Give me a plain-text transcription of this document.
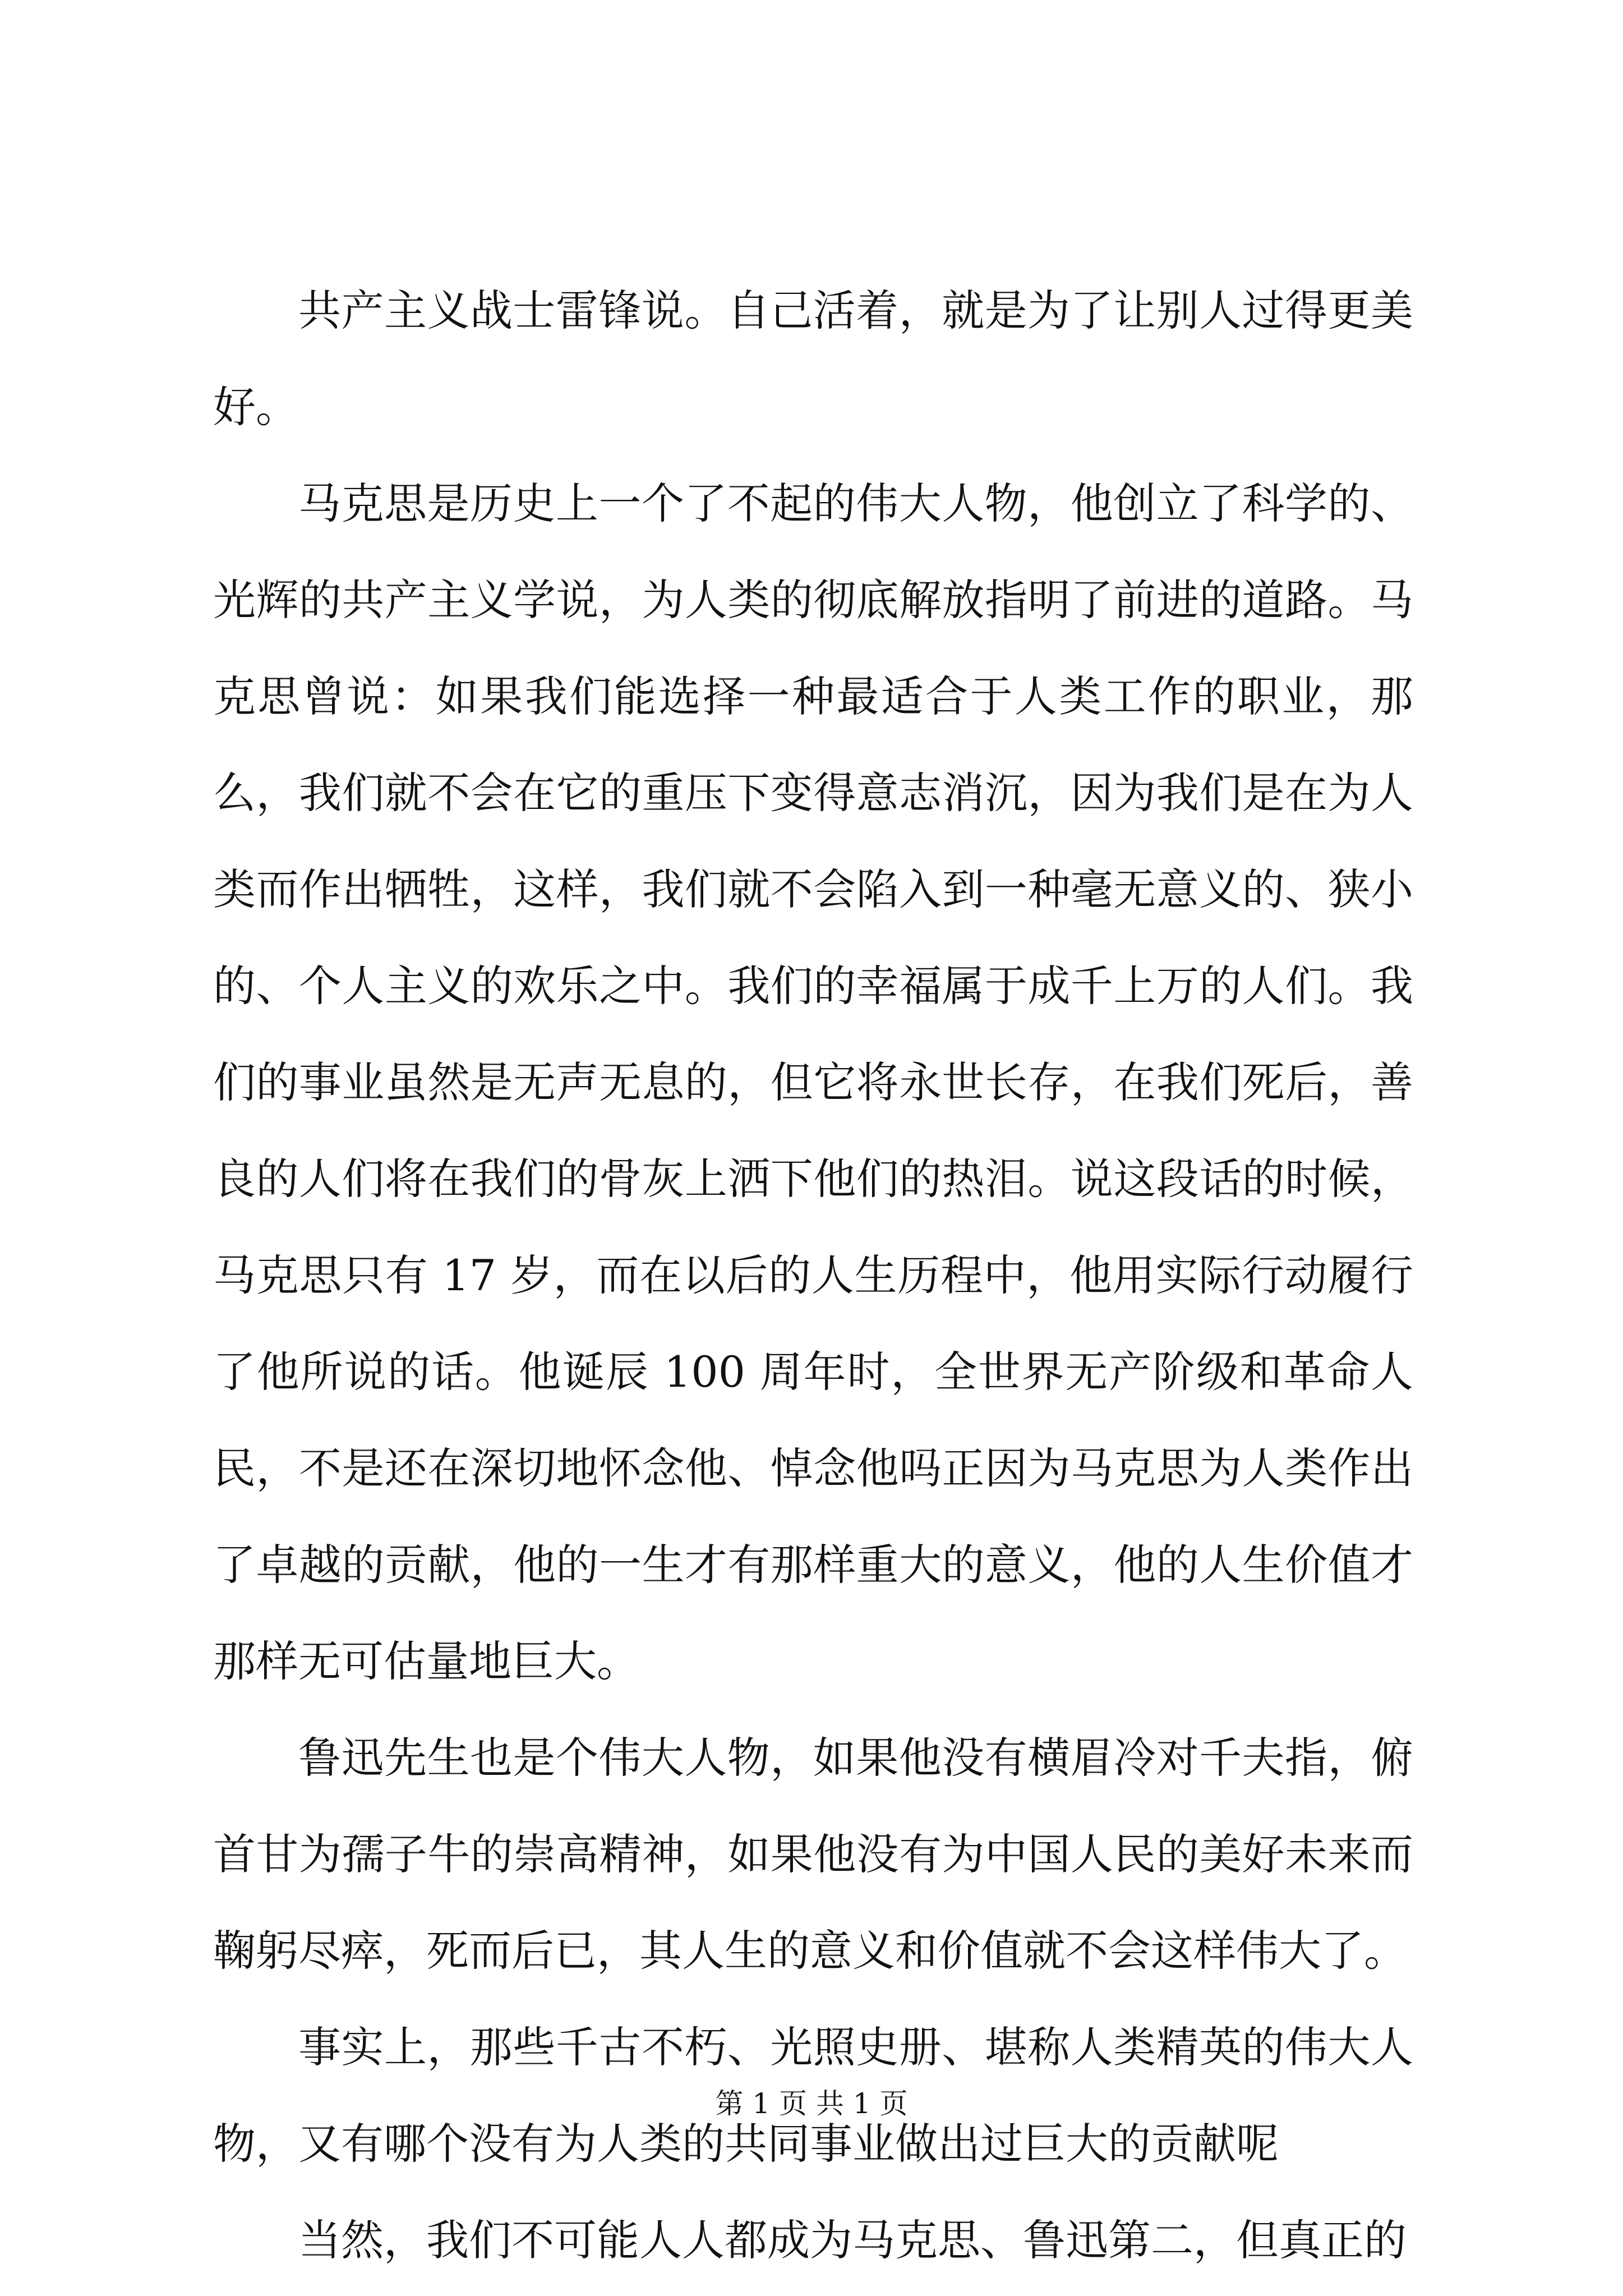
共产主义战士雷锋说。自己活着，就是为了让别人过得更美好。

马克思是历史上一个了不起的伟大人物，他创立了科学的、光辉的共产主义学说，为人类的彻底解放指明了前进的道路。马克思曾说：如果我们能选择一种最适合于人类工作的职业，那么，我们就不会在它的重压下变得意志消沉，因为我们是在为人类而作出牺牲，这样，我们就不会陷入到一种毫无意义的、狭小的、个人主义的欢乐之中。我们的幸福属于成千上万的人们。我们的事业虽然是无声无息的，但它将永世长存，在我们死后，善良的人们将在我们的骨灰上洒下他们的热泪。说这段话的时候，马克思只有 17 岁，而在以后的人生历程中，他用实际行动履行了他所说的话。他诞辰 100 周年时，全世界无产阶级和革命人民，不是还在深切地怀念他、悼念他吗正因为马克思为人类作出了卓越的贡献，他的一生才有那样重大的意义，他的人生价值才那样无可估量地巨大。

鲁迅先生也是个伟大人物，如果他没有横眉冷对千夫指，俯首甘为孺子牛的崇高精神，如果他没有为中国人民的美好未来而鞠躬尽瘁，死而后已，其人生的意义和价值就不会这样伟大了。

事实上，那些千古不朽、光照史册、堪称人类精英的伟大人物，又有哪个没有为人类的共同事业做出过巨大的贡献呢

当然，我们不可能人人都成为马克思、鲁迅第二，但真正的

第 1 页 共 1 页
